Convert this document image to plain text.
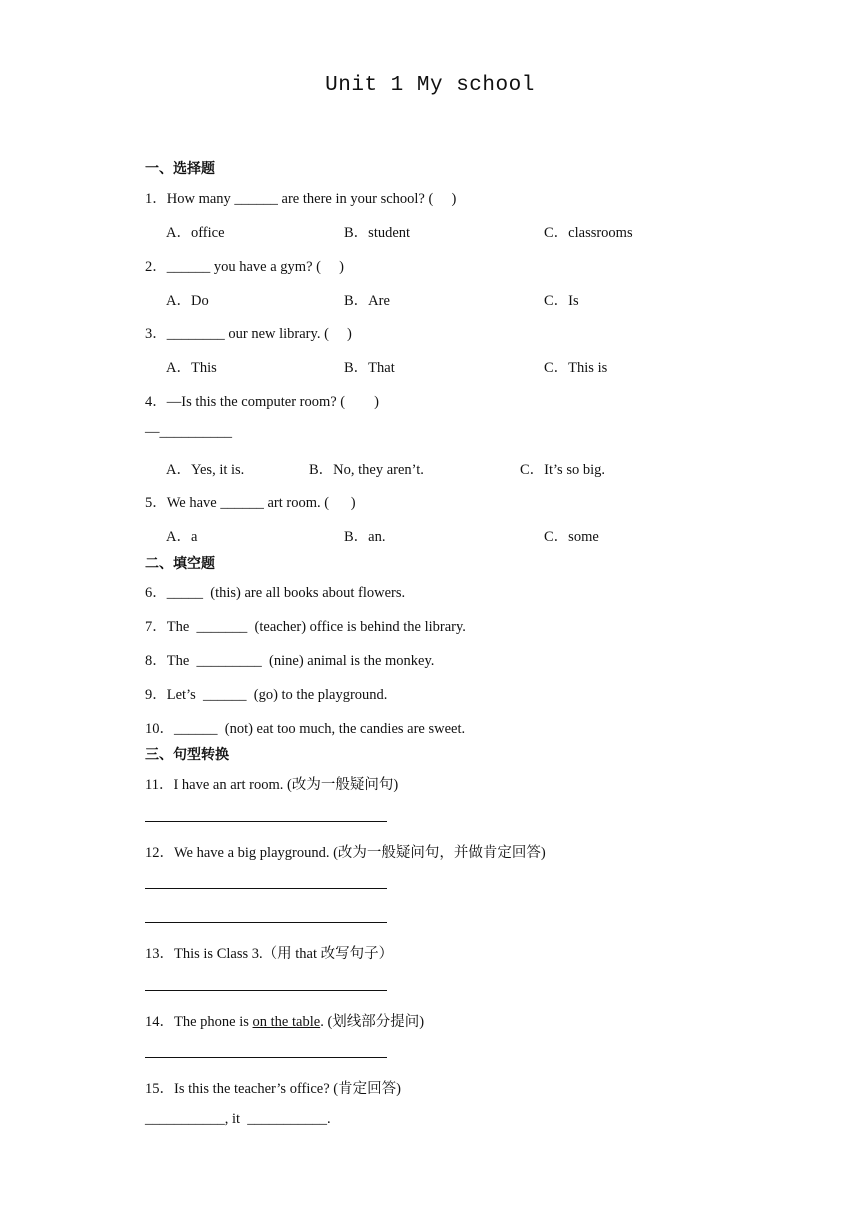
Unit 1 My school
一、选择题
1．How many ______ are there in your school? (     )
A．office	B．student	C．classrooms
2．______ you have a gym? (     )
A．Do	B．Are	C．Is
3．________ our new library. (     )
A．This	B．That	C．This is
4．—Is this the computer room? (        )
—__________
A．Yes, it is.	B．No, they aren’t.	C．It’s so big.
5．We have ______ art room. (      )
A．a	B．an.	C．some
二、填空题
6．_____  (this) are all books about flowers.
7．The  _______  (teacher) office is behind the library.
8．The  _________  (nine) animal is the monkey.
9．Let’s  ______  (go) to the playground.
10．______  (not) eat too much, the candies are sweet.
三、句型转换
11．I have an art room. (改为一般疑问句)
12．We have a big playground. (改为一般疑问句，并做肯定回答)
13．This is Class 3.（用 that 改写句子）
14．The phone is on the table. (划线部分提问)
15．Is this the teacher’s office? (肯定回答)
___________, it  ___________.
